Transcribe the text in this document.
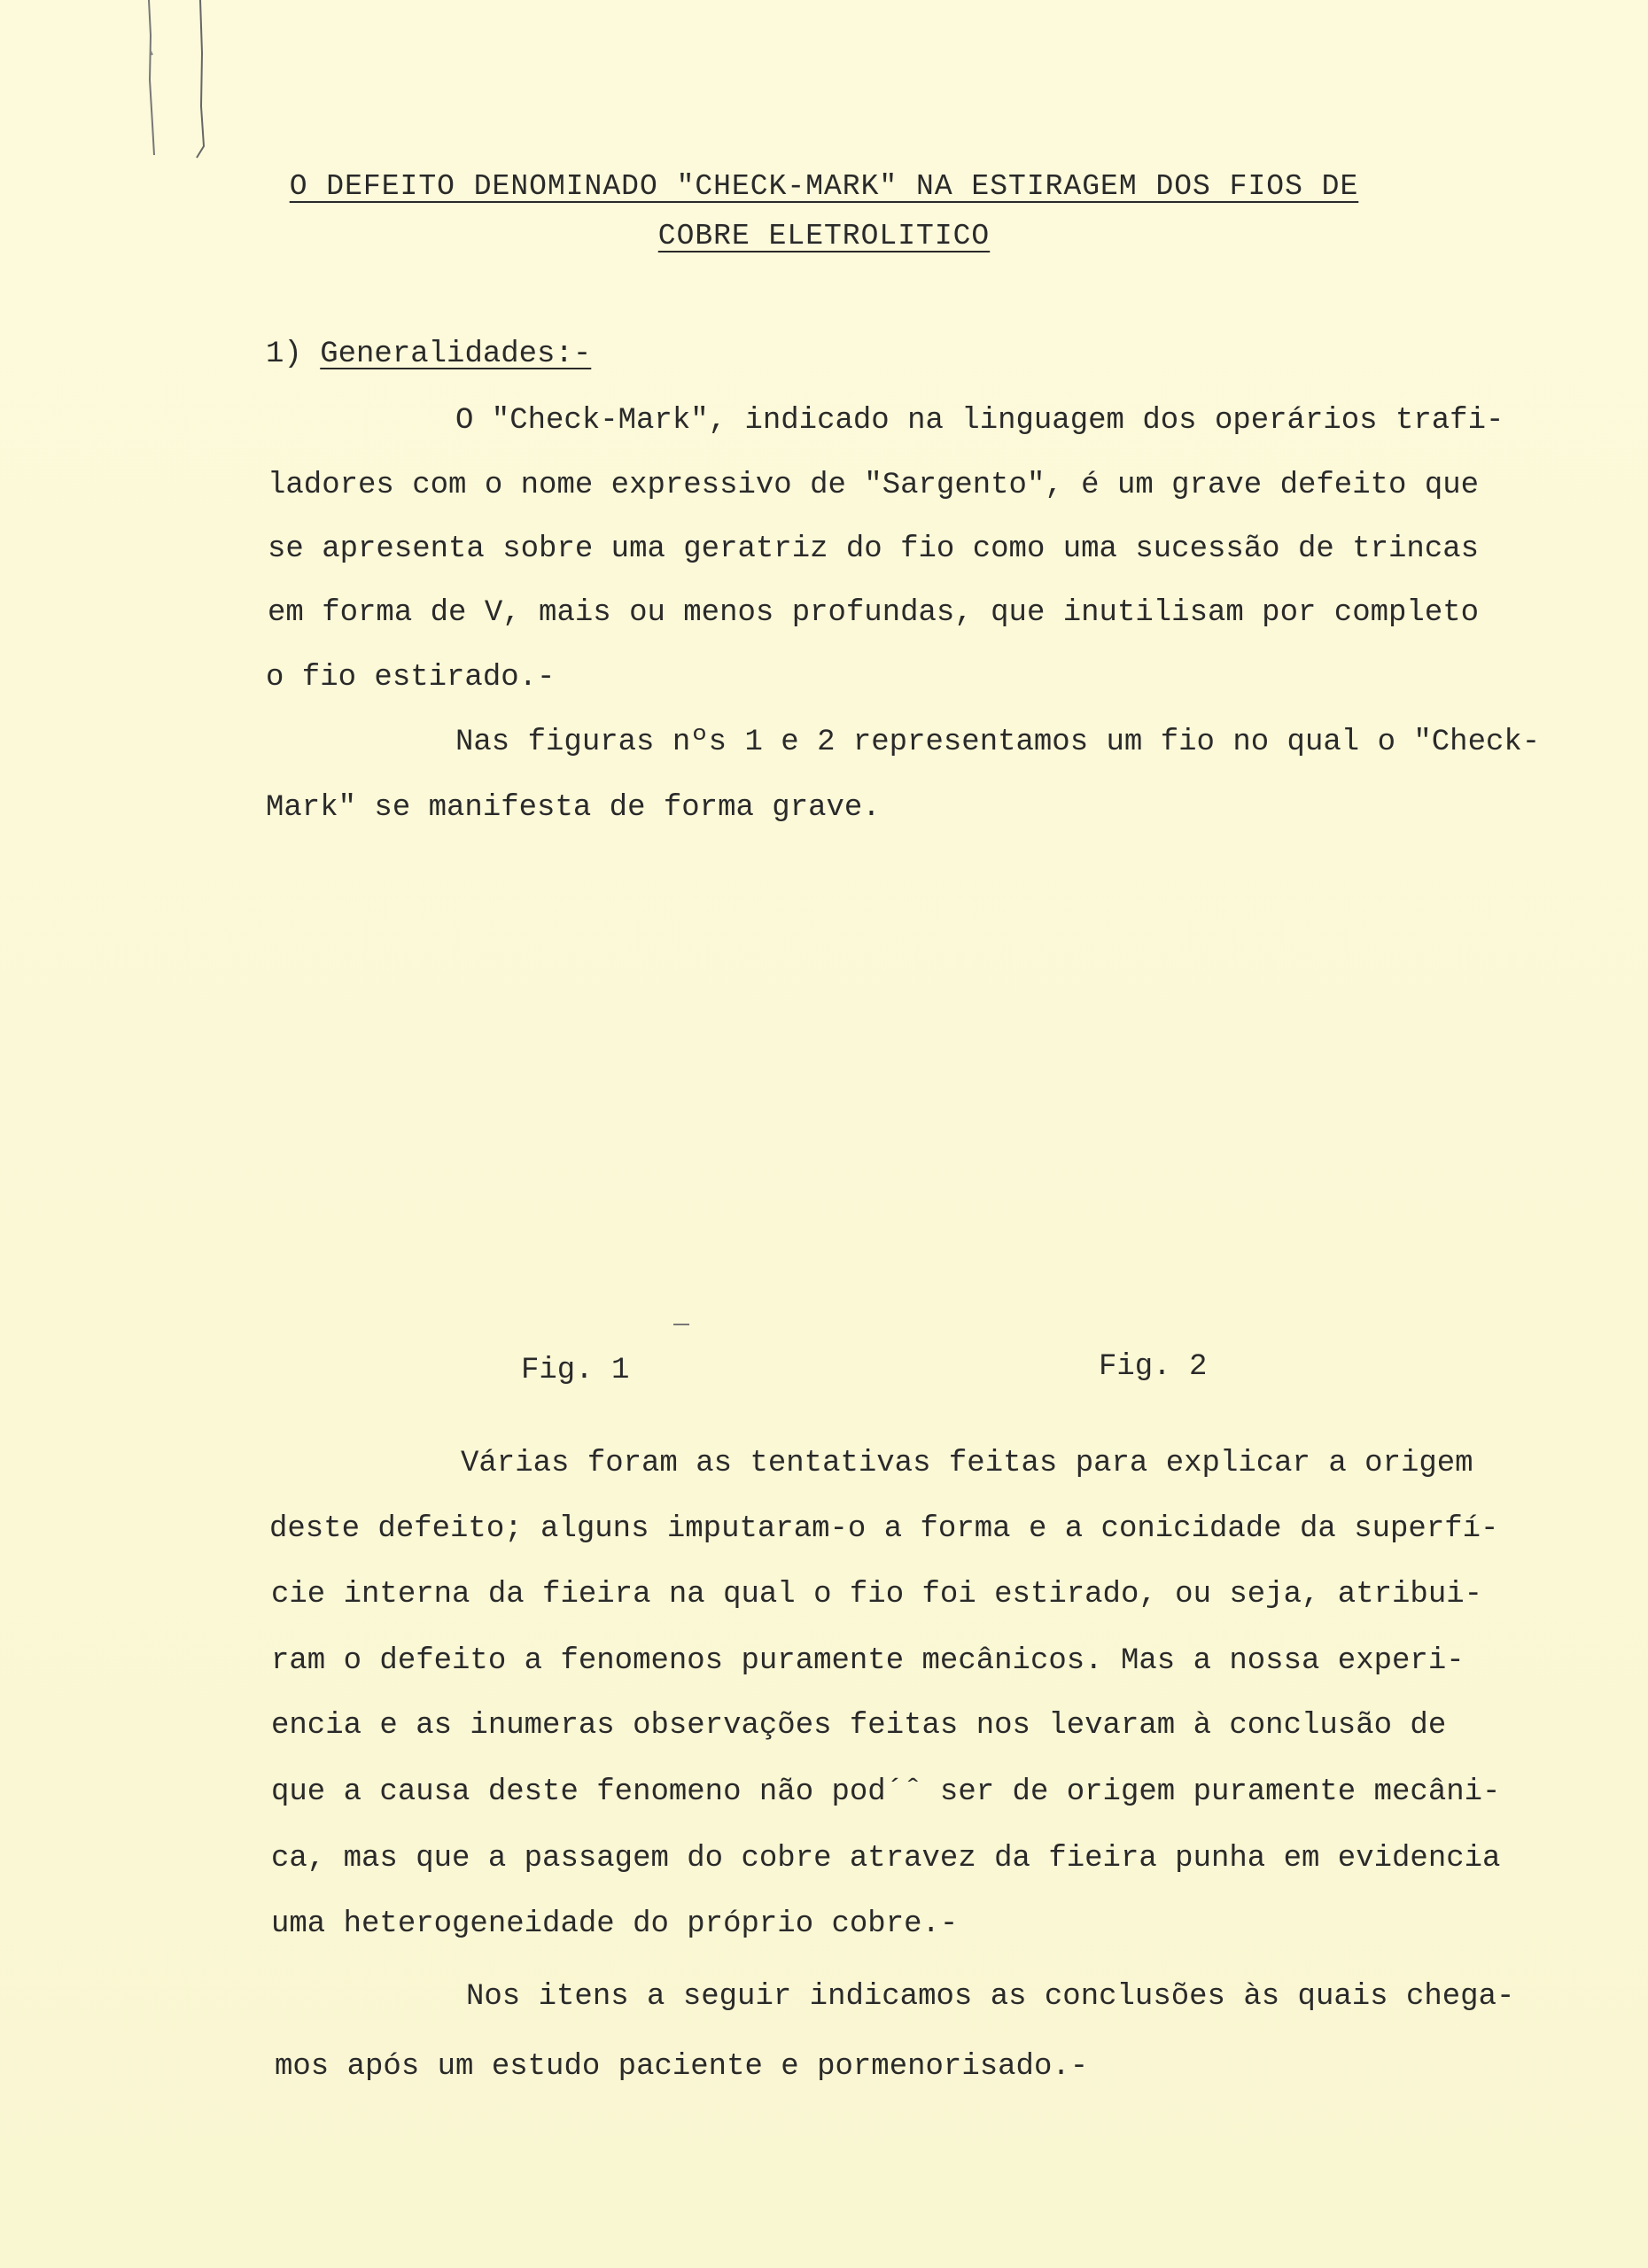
O DEFEITO DENOMINADO "CHECK-MARK" NA ESTIRAGEM DOS FIOS DE
COBRE ELETROLITICO
1) Generalidades:-
O "Check-Mark", indicado na linguagem dos operários trafi-
ladores com o nome expressivo de "Sargento", é um grave defeito que
se apresenta sobre uma geratriz do fio como uma sucessão de trincas
em forma de V, mais ou menos profundas, que inutilisam por completo
o fio estirado.-
Nas figuras nºs 1 e 2 representamos um fio no qual o "Check-
Mark" se manifesta de forma grave.
Fig. 1	Fig. 2
Várias foram as tentativas feitas para explicar a origem
deste defeito; alguns imputaram-o a forma e a conicidade da superfí-
cie interna da fieira na qual o fio foi estirado, ou seja, atribui-
ram o defeito a fenomenos puramente mecânicos. Mas a nossa experi-
encia e as inumeras observações feitas nos levaram à conclusão de
que a causa deste fenomeno não pod´ˆ ser de origem puramente mecâni-
ca, mas que a passagem do cobre atravez da fieira punha em evidencia
uma heterogeneidade do próprio cobre.-
Nos itens a seguir indicamos as conclusões às quais chega-
mos após um estudo paciente e pormenorisado.-
